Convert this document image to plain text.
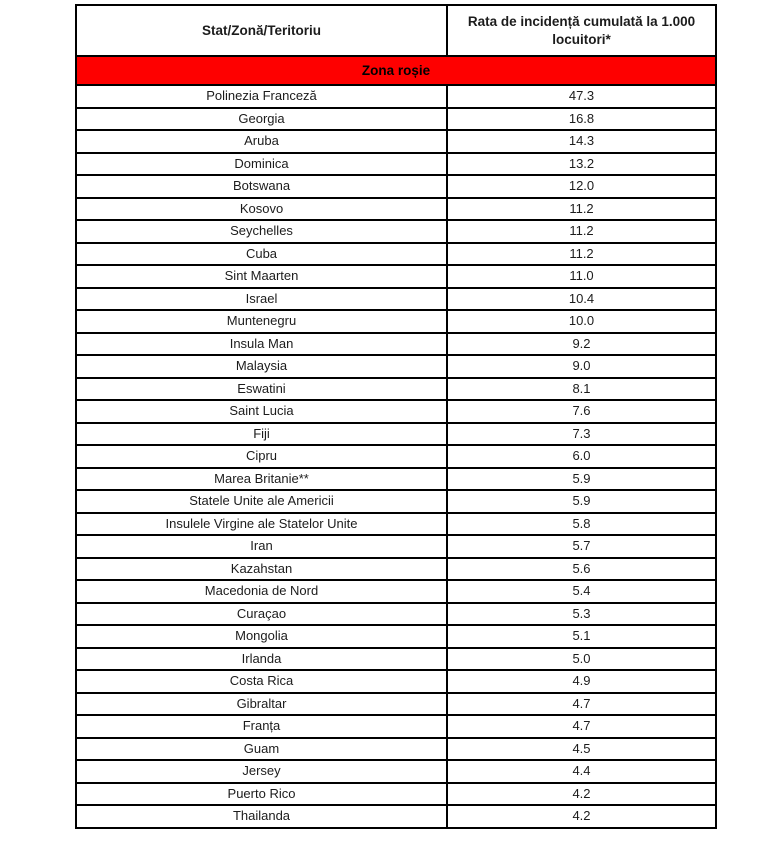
Stat/Zonă/Teritoriu	Rata de incidență cumulată la 1.000 locuitori*
Zona roșie	
Polinezia Franceză	47.3
Georgia	16.8
Aruba	14.3
Dominica	13.2
Botswana	12.0
Kosovo	11.2
Seychelles	11.2
Cuba	11.2
Sint Maarten	11.0
Israel	10.4
Muntenegru	10.0
Insula Man	9.2
Malaysia	9.0
Eswatini	8.1
Saint Lucia	7.6
Fiji	7.3
Cipru	6.0
Marea Britanie**	5.9
Statele Unite ale Americii	5.9
Insulele Virgine ale Statelor Unite	5.8
Iran	5.7
Kazahstan	5.6
Macedonia de Nord	5.4
Curaçao	5.3
Mongolia	5.1
Irlanda	5.0
Costa Rica	4.9
Gibraltar	4.7
Franța	4.7
Guam	4.5
Jersey	4.4
Puerto Rico	4.2
Thailanda	4.2
